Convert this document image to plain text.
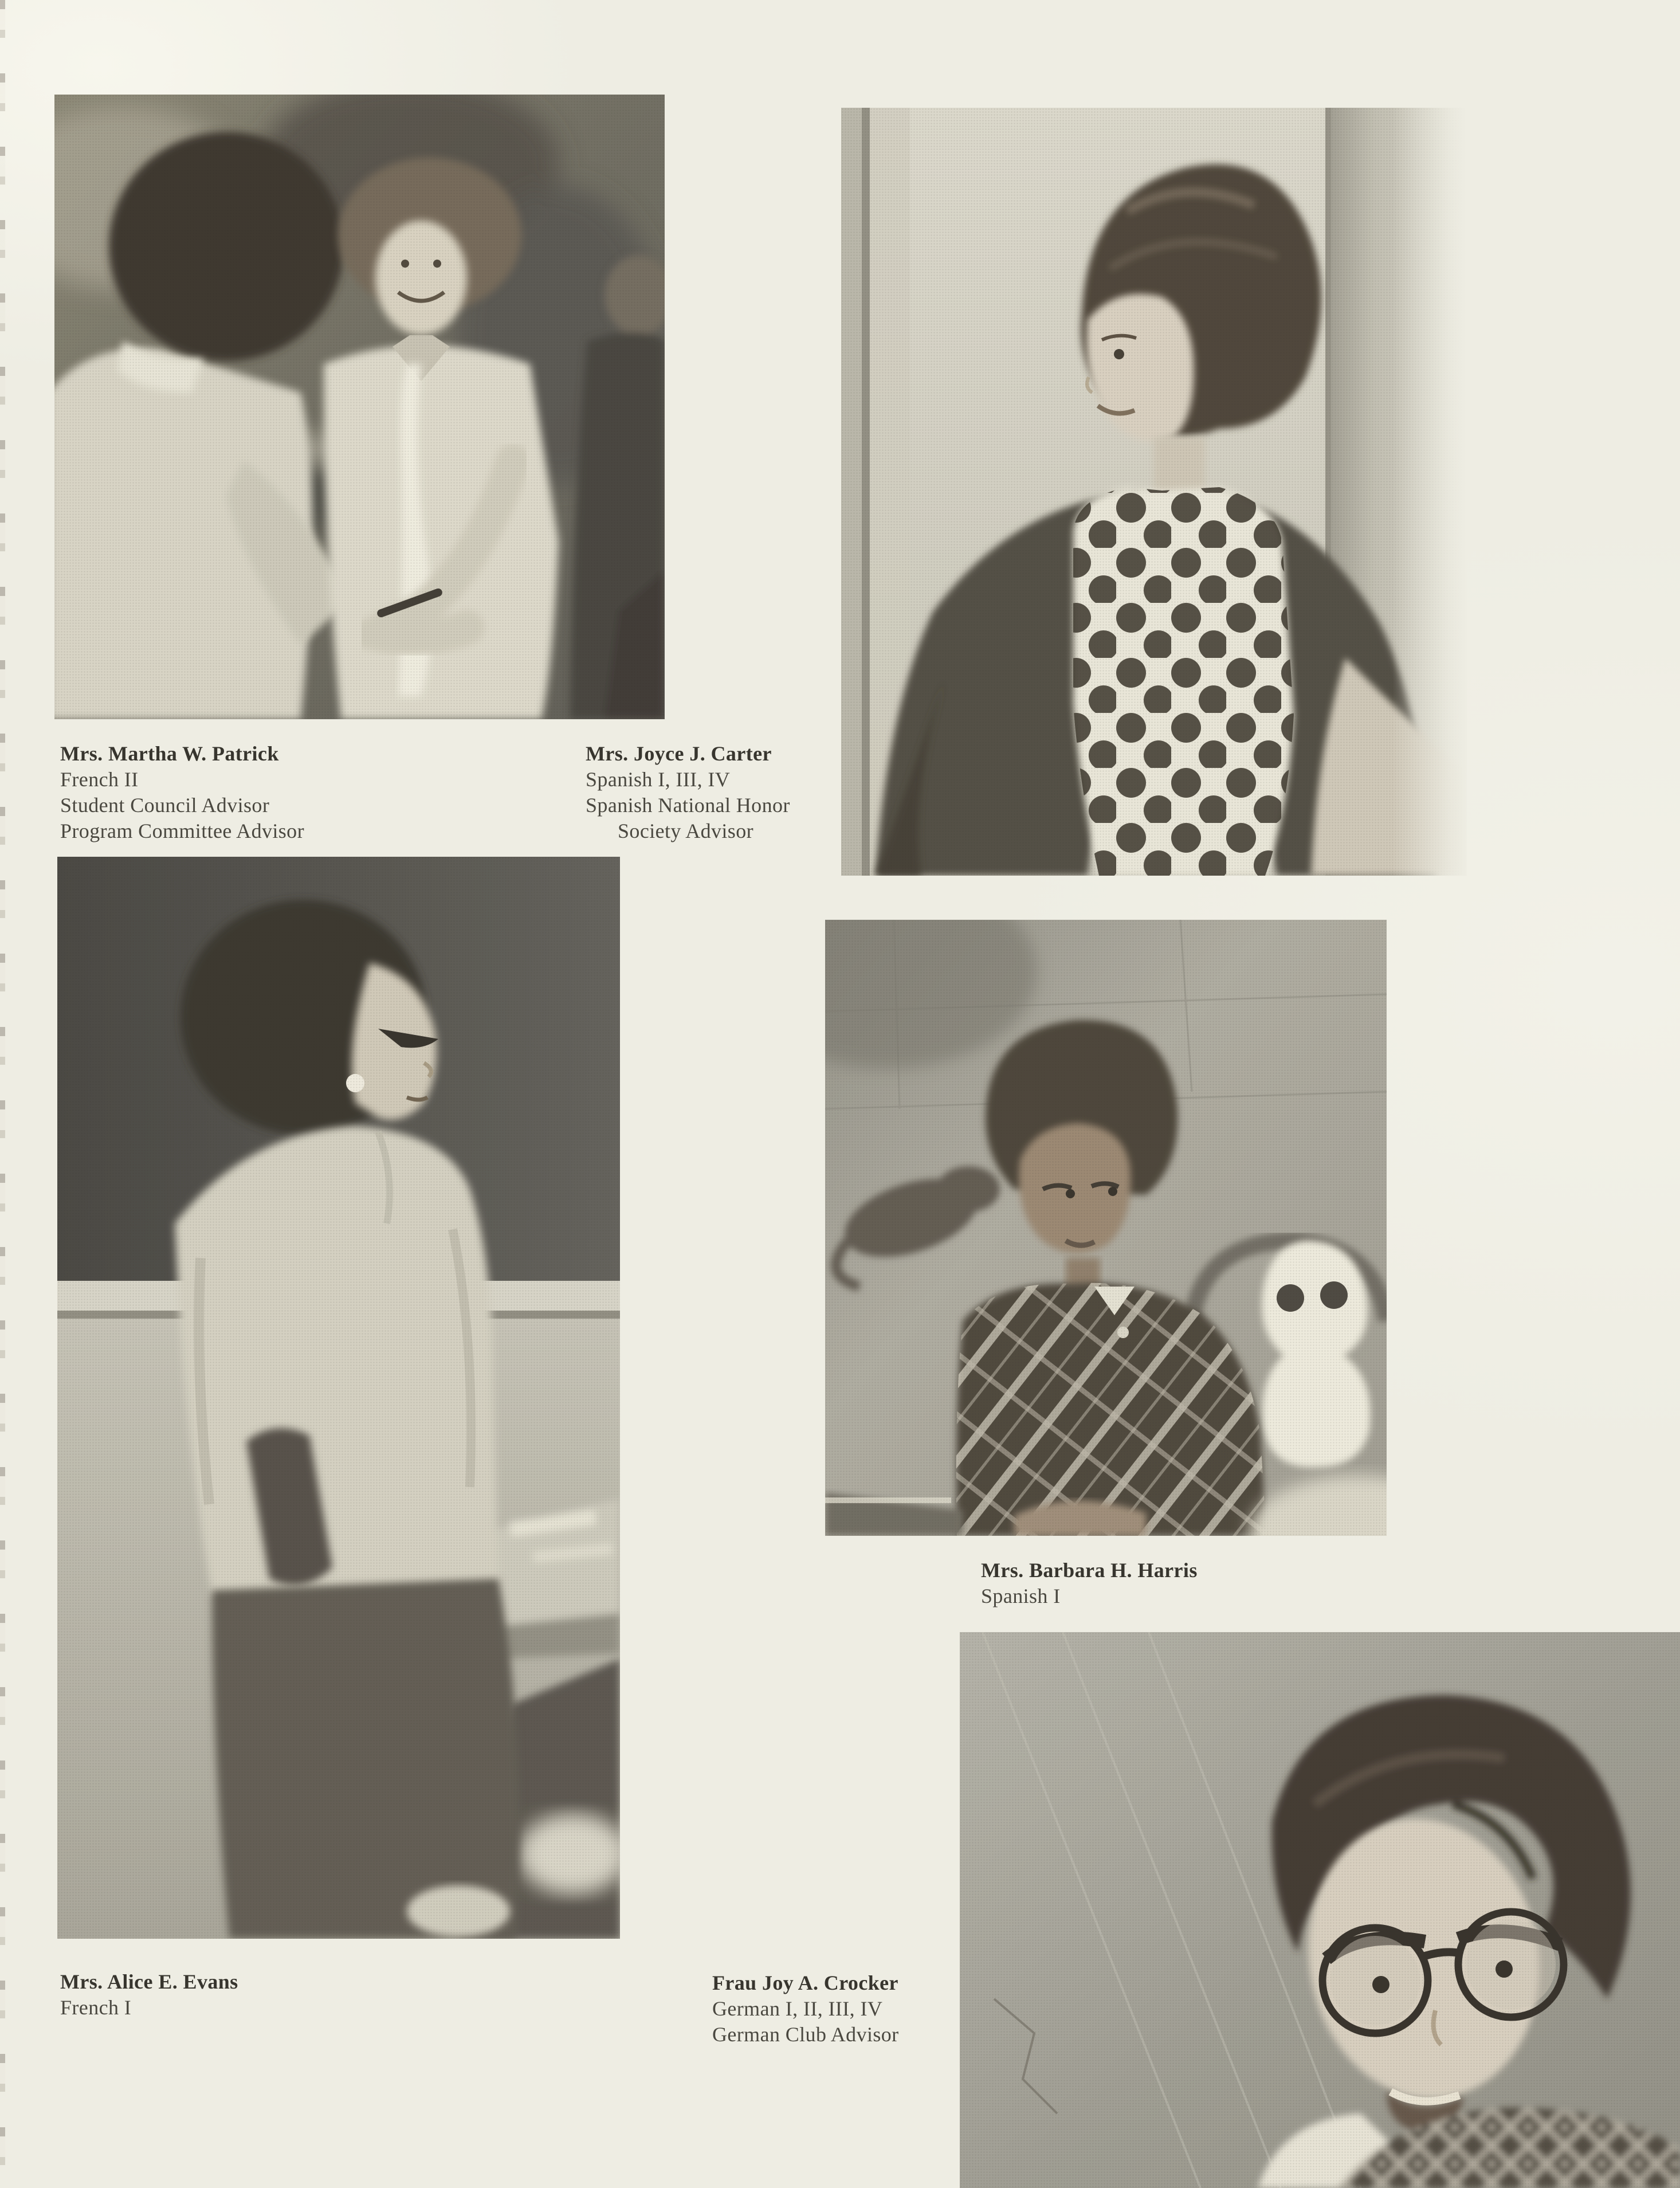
Mrs. Martha W. Patrick
French II
Student Council Advisor
Program Committee Advisor
Mrs. Joyce J. Carter
Spanish I, III, IV
Spanish National Honor
Society Advisor
Mrs. Barbara H. Harris
Spanish I
Mrs. Alice E. Evans
French I
Frau Joy A. Crocker
German I, II, III, IV
German Club Advisor
